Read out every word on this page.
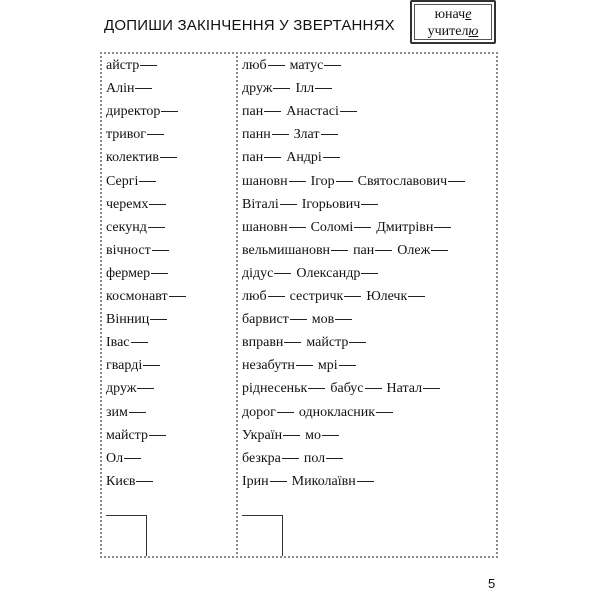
ДОПИШИ ЗАКІНЧЕННЯ У ЗВЕРТАННЯХ
юначе
учителю
айстр
Алін
директор
тривог
колектив
Сергі
черемх
секунд
вічност
фермер
космонавт
Вінниц
Івас
гварді
друж
зим
майстр
Ол
Києв
люб матус
друж Ілл
пан Анастасі
панн Злат
пан Андрі
шановн Ігор Святославович
Віталі Ігорьович
шановн Соломі Дмитрівн
вельмишановн пан Олеж
дідус Олександр
люб сестричк Юлечк
барвист мов
вправн майстр
незабутн мрі
ріднесеньк бабус Натал
дорог однокласник
Україн мо
безкра пол
Ірин Миколаївн
5
